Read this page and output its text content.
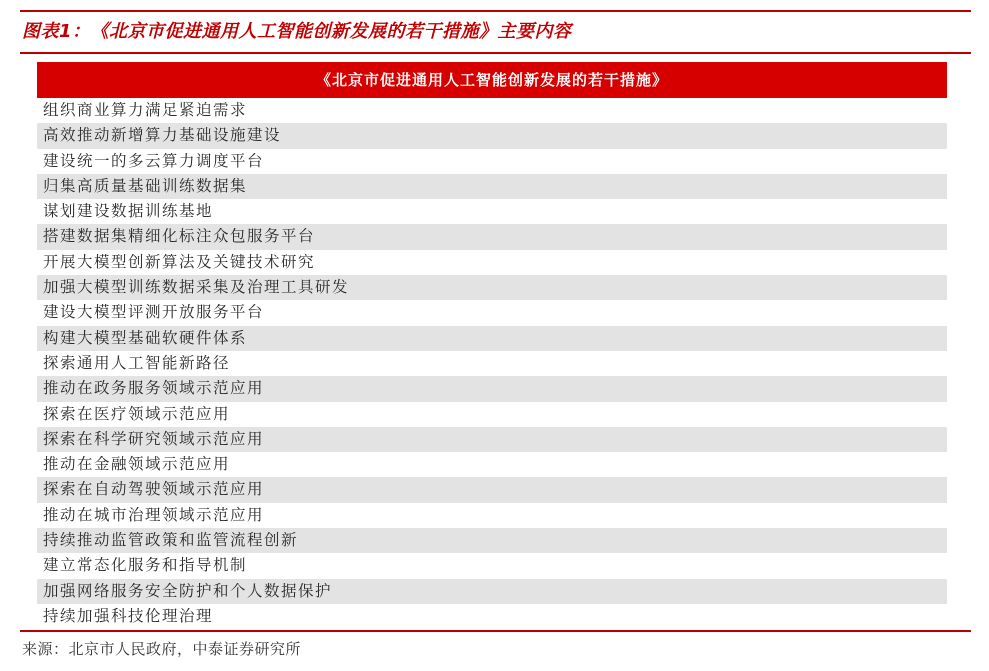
图表1：《北京市促进通用人工智能创新发展的若干措施》主要内容
《北京市促进通用人工智能创新发展的若干措施》
组织商业算力满足紧迫需求
高效推动新增算力基础设施建设
建设统一的多云算力调度平台
归集高质量基础训练数据集
谋划建设数据训练基地
搭建数据集精细化标注众包服务平台
开展大模型创新算法及关键技术研究
加强大模型训练数据采集及治理工具研发
建设大模型评测开放服务平台
构建大模型基础软硬件体系
探索通用人工智能新路径
推动在政务服务领域示范应用
探索在医疗领域示范应用
探索在科学研究领域示范应用
推动在金融领域示范应用
探索在自动驾驶领域示范应用
推动在城市治理领域示范应用
持续推动监管政策和监管流程创新
建立常态化服务和指导机制
加强网络服务安全防护和个人数据保护
持续加强科技伦理治理
来源：北京市人民政府，中泰证券研究所
